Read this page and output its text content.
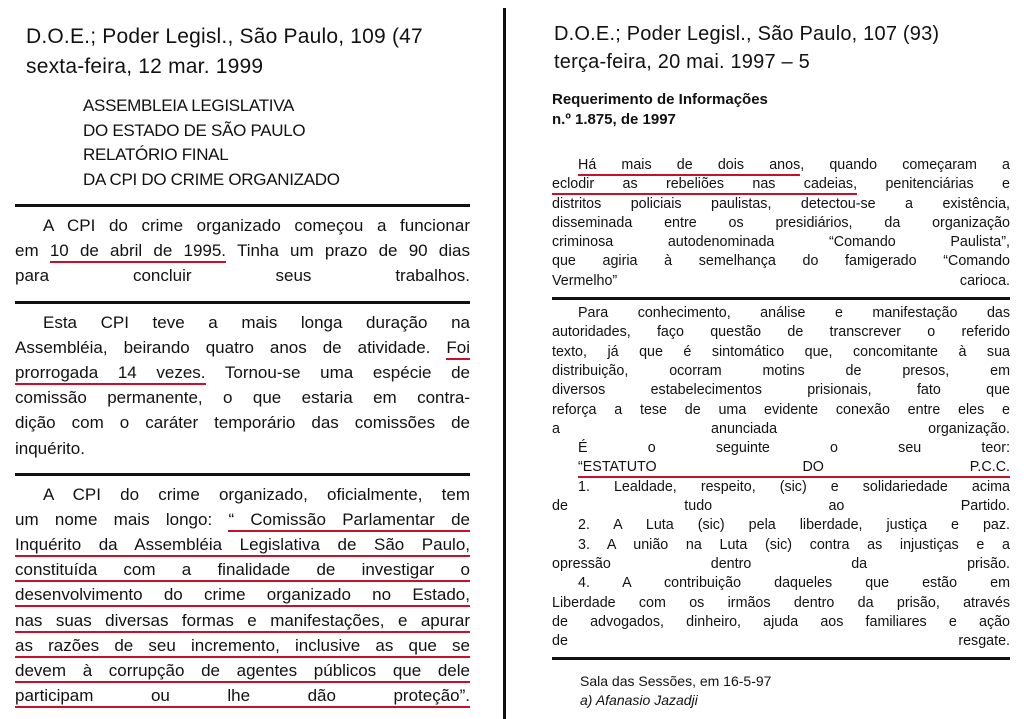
D.O.E.; Poder Legisl., São Paulo, 109 (47
sexta-feira, 12 mar. 1999
ASSEMBLEIA LEGISLATIVA
DO ESTADO DE SÃO PAULO
RELATÓRIO FINAL
DA CPI DO CRIME ORGANIZADO
A CPI do crime organizado começou a funcionar
em 10 de abril de 1995. Tinha um prazo de 90 dias
para concluir seus trabalhos.
Esta CPI teve a mais longa duração na
Assembléia, beirando quatro anos de atividade. Foi
prorrogada 14 vezes. Tornou-se uma espécie de
comissão permanente, o que estaria em contra-
dição com o caráter temporário das comissões de
inquérito.
A CPI do crime organizado, oficialmente, tem
um nome mais longo: “ Comissão Parlamentar de
Inquérito da Assembléia Legislativa de São Paulo,
constituída com a finalidade de investigar o
desenvolvimento do crime organizado no Estado,
nas suas diversas formas e manifestações, e apurar
as razões de seu incremento, inclusive as que se
devem à corrupção de agentes públicos que dele
participam ou lhe dão proteção”.
D.O.E.; Poder Legisl., São Paulo, 107 (93)
terça-feira, 20 mai. 1997 – 5
Requerimento de Informações
n.º 1.875, de 1997
Há mais de dois anos, quando começaram a
eclodir as rebeliões nas cadeias, penitenciárias e
distritos policiais paulistas, detectou-se a existência,
disseminada entre os presidiários, da organização
criminosa autodenominada “Comando Paulista”,
que agiria à semelhança do famigerado “Comando
Vermelho” carioca.
Para conhecimento, análise e manifestação das
autoridades, faço questão de transcrever o referido
texto, já que é sintomático que, concomitante à sua
distribuição, ocorram motins de presos, em
diversos estabelecimentos prisionais, fato que
reforça a tese de uma evidente conexão entre eles e
a anunciada organização.
É o seguinte o seu teor:
“ESTATUTO DO P.C.C.
1. Lealdade, respeito, (sic) e solidariedade acima
de tudo ao Partido.
2. A Luta (sic) pela liberdade, justiça e paz.
3. A união na Luta (sic) contra as injustiças e a
opressão dentro da prisão.
4. A contribuição daqueles que estão em
Liberdade com os irmãos dentro da prisão, através
de advogados, dinheiro, ajuda aos familiares e ação
de resgate.
Sala das Sessões, em 16-5-97
a) Afanasio Jazadji
